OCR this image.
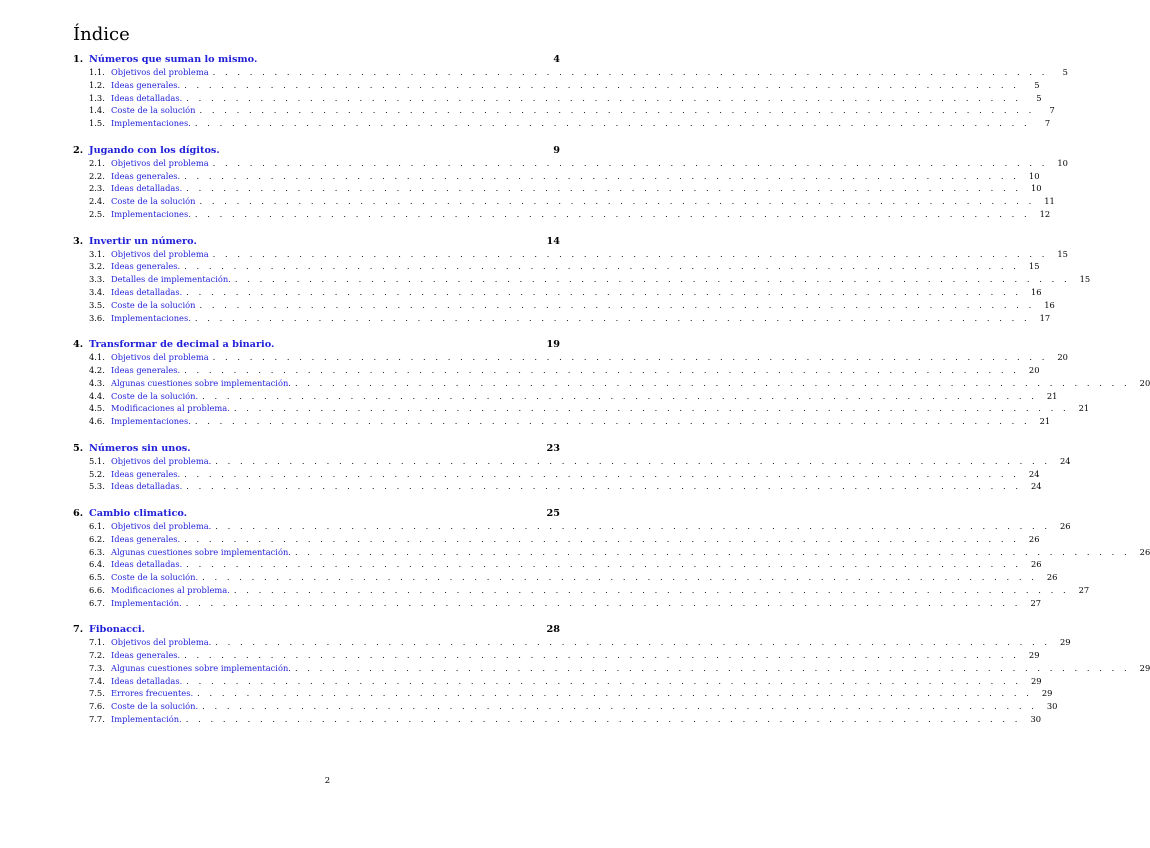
Índice
1. Números que suman lo mismo.	4
1.1. Objetivos del problema . . . . . . . . . . . . . . . . . . . . . . . . . . . . . . . . . . . . . . . . . . . . . . . . . . . . . . . . . . . . . . . . . . . .	5
1.2. Ideas generales. . . . . . . . . . . . . . . . . . . . . . . . . . . . . . . . . . . . . . . . . . . . . . . . . . . . . . . . . . . . . . . . . . . . .	5
1.3. Ideas detalladas. . . . . . . . . . . . . . . . . . . . . . . . . . . . . . . . . . . . . . . . . . . . . . . . . . . . . . . . . . . . . . . . . . . . .	5
1.4. Coste de la solución . . . . . . . . . . . . . . . . . . . . . . . . . . . . . . . . . . . . . . . . . . . . . . . . . . . . . . . . . . . . . . . . . . . .	7
1.5. Implementaciones. . . . . . . . . . . . . . . . . . . . . . . . . . . . . . . . . . . . . . . . . . . . . . . . . . . . . . . . . . . . . . . . . . . . .	7
2. Jugando con los dígitos.	9
2.1. Objetivos del problema . . . . . . . . . . . . . . . . . . . . . . . . . . . . . . . . . . . . . . . . . . . . . . . . . . . . . . . . . . . . . . . . . . . .	10
2.2. Ideas generales. . . . . . . . . . . . . . . . . . . . . . . . . . . . . . . . . . . . . . . . . . . . . . . . . . . . . . . . . . . . . . . . . . . . .	10
2.3. Ideas detalladas. . . . . . . . . . . . . . . . . . . . . . . . . . . . . . . . . . . . . . . . . . . . . . . . . . . . . . . . . . . . . . . . . . . . .	10
2.4. Coste de la solución . . . . . . . . . . . . . . . . . . . . . . . . . . . . . . . . . . . . . . . . . . . . . . . . . . . . . . . . . . . . . . . . . . . .	11
2.5. Implementaciones. . . . . . . . . . . . . . . . . . . . . . . . . . . . . . . . . . . . . . . . . . . . . . . . . . . . . . . . . . . . . . . . . . . . .	12
3. Invertir un número.	14
3.1. Objetivos del problema . . . . . . . . . . . . . . . . . . . . . . . . . . . . . . . . . . . . . . . . . . . . . . . . . . . . . . . . . . . . . . . . . . . .	15
3.2. Ideas generales. . . . . . . . . . . . . . . . . . . . . . . . . . . . . . . . . . . . . . . . . . . . . . . . . . . . . . . . . . . . . . . . . . . . .	15
3.3. Detalles de implementación. . . . . . . . . . . . . . . . . . . . . . . . . . . . . . . . . . . . . . . . . . . . . . . . . . . . . . . . . . . . . . . . . . . . .	15
3.4. Ideas detalladas. . . . . . . . . . . . . . . . . . . . . . . . . . . . . . . . . . . . . . . . . . . . . . . . . . . . . . . . . . . . . . . . . . . . .	16
3.5. Coste de la solución . . . . . . . . . . . . . . . . . . . . . . . . . . . . . . . . . . . . . . . . . . . . . . . . . . . . . . . . . . . . . . . . . . . .	16
3.6. Implementaciones. . . . . . . . . . . . . . . . . . . . . . . . . . . . . . . . . . . . . . . . . . . . . . . . . . . . . . . . . . . . . . . . . . . . .	17
4. Transformar de decimal a binario.	19
4.1. Objetivos del problema . . . . . . . . . . . . . . . . . . . . . . . . . . . . . . . . . . . . . . . . . . . . . . . . . . . . . . . . . . . . . . . . . . . .	20
4.2. Ideas generales. . . . . . . . . . . . . . . . . . . . . . . . . . . . . . . . . . . . . . . . . . . . . . . . . . . . . . . . . . . . . . . . . . . . .	20
4.3. Algunas cuestiones sobre implementación. . . . . . . . . . . . . . . . . . . . . . . . . . . . . . . . . . . . . . . . . . . . . . . . . . . . . . . . . . . . . . . . . . . . .	20
4.4. Coste de la solución. . . . . . . . . . . . . . . . . . . . . . . . . . . . . . . . . . . . . . . . . . . . . . . . . . . . . . . . . . . . . . . . . . . . .	21
4.5. Modificaciones al problema. . . . . . . . . . . . . . . . . . . . . . . . . . . . . . . . . . . . . . . . . . . . . . . . . . . . . . . . . . . . . . . . . . . . .	21
4.6. Implementaciones. . . . . . . . . . . . . . . . . . . . . . . . . . . . . . . . . . . . . . . . . . . . . . . . . . . . . . . . . . . . . . . . . . . . .	21
5. Números sin unos.	23
5.1. Objetivos del problema. . . . . . . . . . . . . . . . . . . . . . . . . . . . . . . . . . . . . . . . . . . . . . . . . . . . . . . . . . . . . . . . . . . . .	24
5.2. Ideas generales. . . . . . . . . . . . . . . . . . . . . . . . . . . . . . . . . . . . . . . . . . . . . . . . . . . . . . . . . . . . . . . . . . . . .	24
5.3. Ideas detalladas. . . . . . . . . . . . . . . . . . . . . . . . . . . . . . . . . . . . . . . . . . . . . . . . . . . . . . . . . . . . . . . . . . . . .	24
6. Cambio climatico.	25
6.1. Objetivos del problema. . . . . . . . . . . . . . . . . . . . . . . . . . . . . . . . . . . . . . . . . . . . . . . . . . . . . . . . . . . . . . . . . . . . .	26
6.2. Ideas generales. . . . . . . . . . . . . . . . . . . . . . . . . . . . . . . . . . . . . . . . . . . . . . . . . . . . . . . . . . . . . . . . . . . . .	26
6.3. Algunas cuestiones sobre implementación. . . . . . . . . . . . . . . . . . . . . . . . . . . . . . . . . . . . . . . . . . . . . . . . . . . . . . . . . . . . . . . . . . . . .	26
6.4. Ideas detalladas. . . . . . . . . . . . . . . . . . . . . . . . . . . . . . . . . . . . . . . . . . . . . . . . . . . . . . . . . . . . . . . . . . . . .	26
6.5. Coste de la solución. . . . . . . . . . . . . . . . . . . . . . . . . . . . . . . . . . . . . . . . . . . . . . . . . . . . . . . . . . . . . . . . . . . . .	26
6.6. Modificaciones al problema. . . . . . . . . . . . . . . . . . . . . . . . . . . . . . . . . . . . . . . . . . . . . . . . . . . . . . . . . . . . . . . . . . . . .	27
6.7. Implementación. . . . . . . . . . . . . . . . . . . . . . . . . . . . . . . . . . . . . . . . . . . . . . . . . . . . . . . . . . . . . . . . . . . . .	27
7. Fibonacci.	28
7.1. Objetivos del problema. . . . . . . . . . . . . . . . . . . . . . . . . . . . . . . . . . . . . . . . . . . . . . . . . . . . . . . . . . . . . . . . . . . . .	29
7.2. Ideas generales. . . . . . . . . . . . . . . . . . . . . . . . . . . . . . . . . . . . . . . . . . . . . . . . . . . . . . . . . . . . . . . . . . . . .	29
7.3. Algunas cuestiones sobre implementación. . . . . . . . . . . . . . . . . . . . . . . . . . . . . . . . . . . . . . . . . . . . . . . . . . . . . . . . . . . . . . . . . . . . .	29
7.4. Ideas detalladas. . . . . . . . . . . . . . . . . . . . . . . . . . . . . . . . . . . . . . . . . . . . . . . . . . . . . . . . . . . . . . . . . . . . .	29
7.5. Errores frecuentes. . . . . . . . . . . . . . . . . . . . . . . . . . . . . . . . . . . . . . . . . . . . . . . . . . . . . . . . . . . . . . . . . . . . .	29
7.6. Coste de la solución. . . . . . . . . . . . . . . . . . . . . . . . . . . . . . . . . . . . . . . . . . . . . . . . . . . . . . . . . . . . . . . . . . . . .	30
7.7. Implementación. . . . . . . . . . . . . . . . . . . . . . . . . . . . . . . . . . . . . . . . . . . . . . . . . . . . . . . . . . . . . . . . . . . . .	30
2
